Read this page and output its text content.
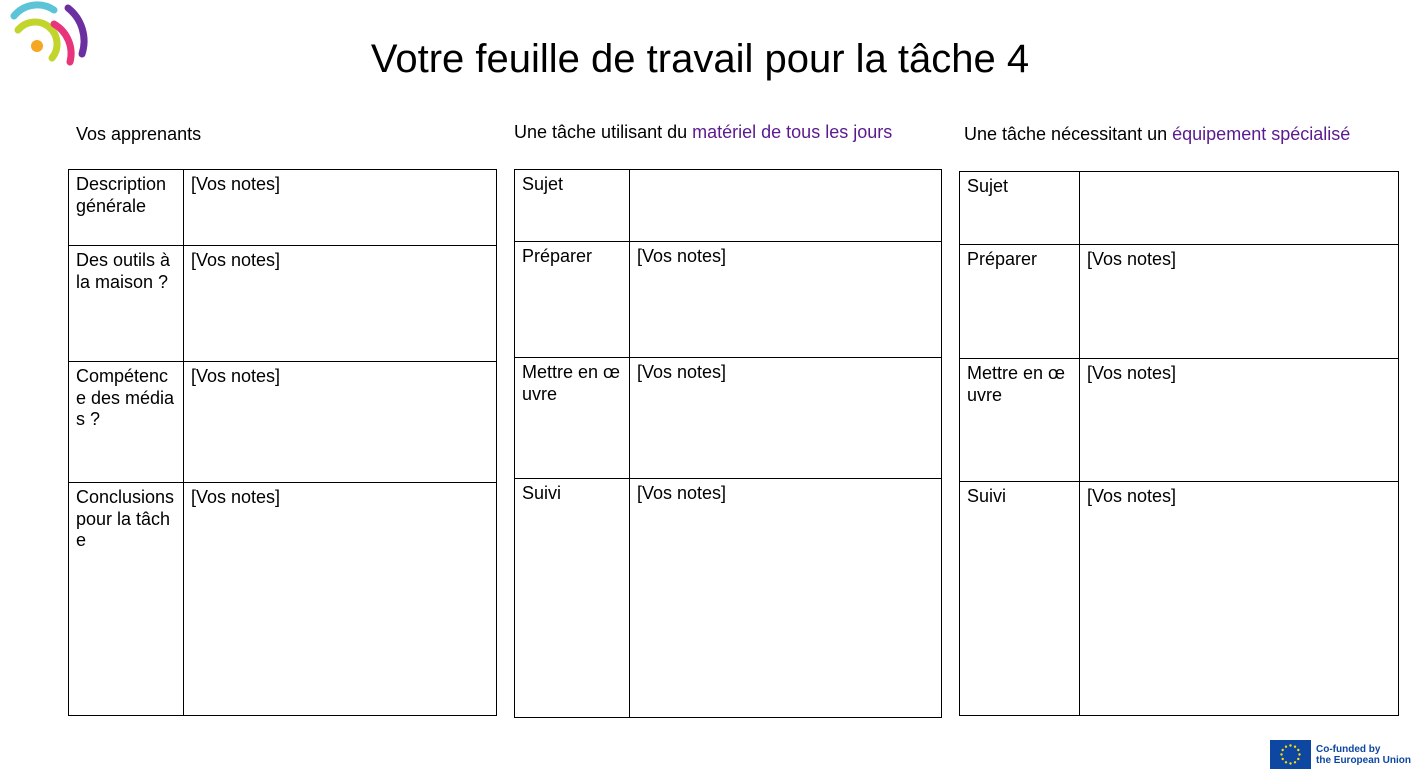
Votre feuille de travail pour la tâche 4
Vos apprenants	Une tâche utilisant du matériel de tous les jours	Une tâche nécessitant un équipement spécialisé
Description générale	[Vos notes]
Des outils à la maison ?	[Vos notes]
Compétence des médias ?	[Vos notes]
Conclusions pour la tâche	[Vos notes]
Sujet	
Préparer	[Vos notes]
Mettre en œuvre	[Vos notes]
Suivi	[Vos notes]
Sujet	
Préparer	[Vos notes]
Mettre en œuvre	[Vos notes]
Suivi	[Vos notes]
Co-funded by
the European Union
